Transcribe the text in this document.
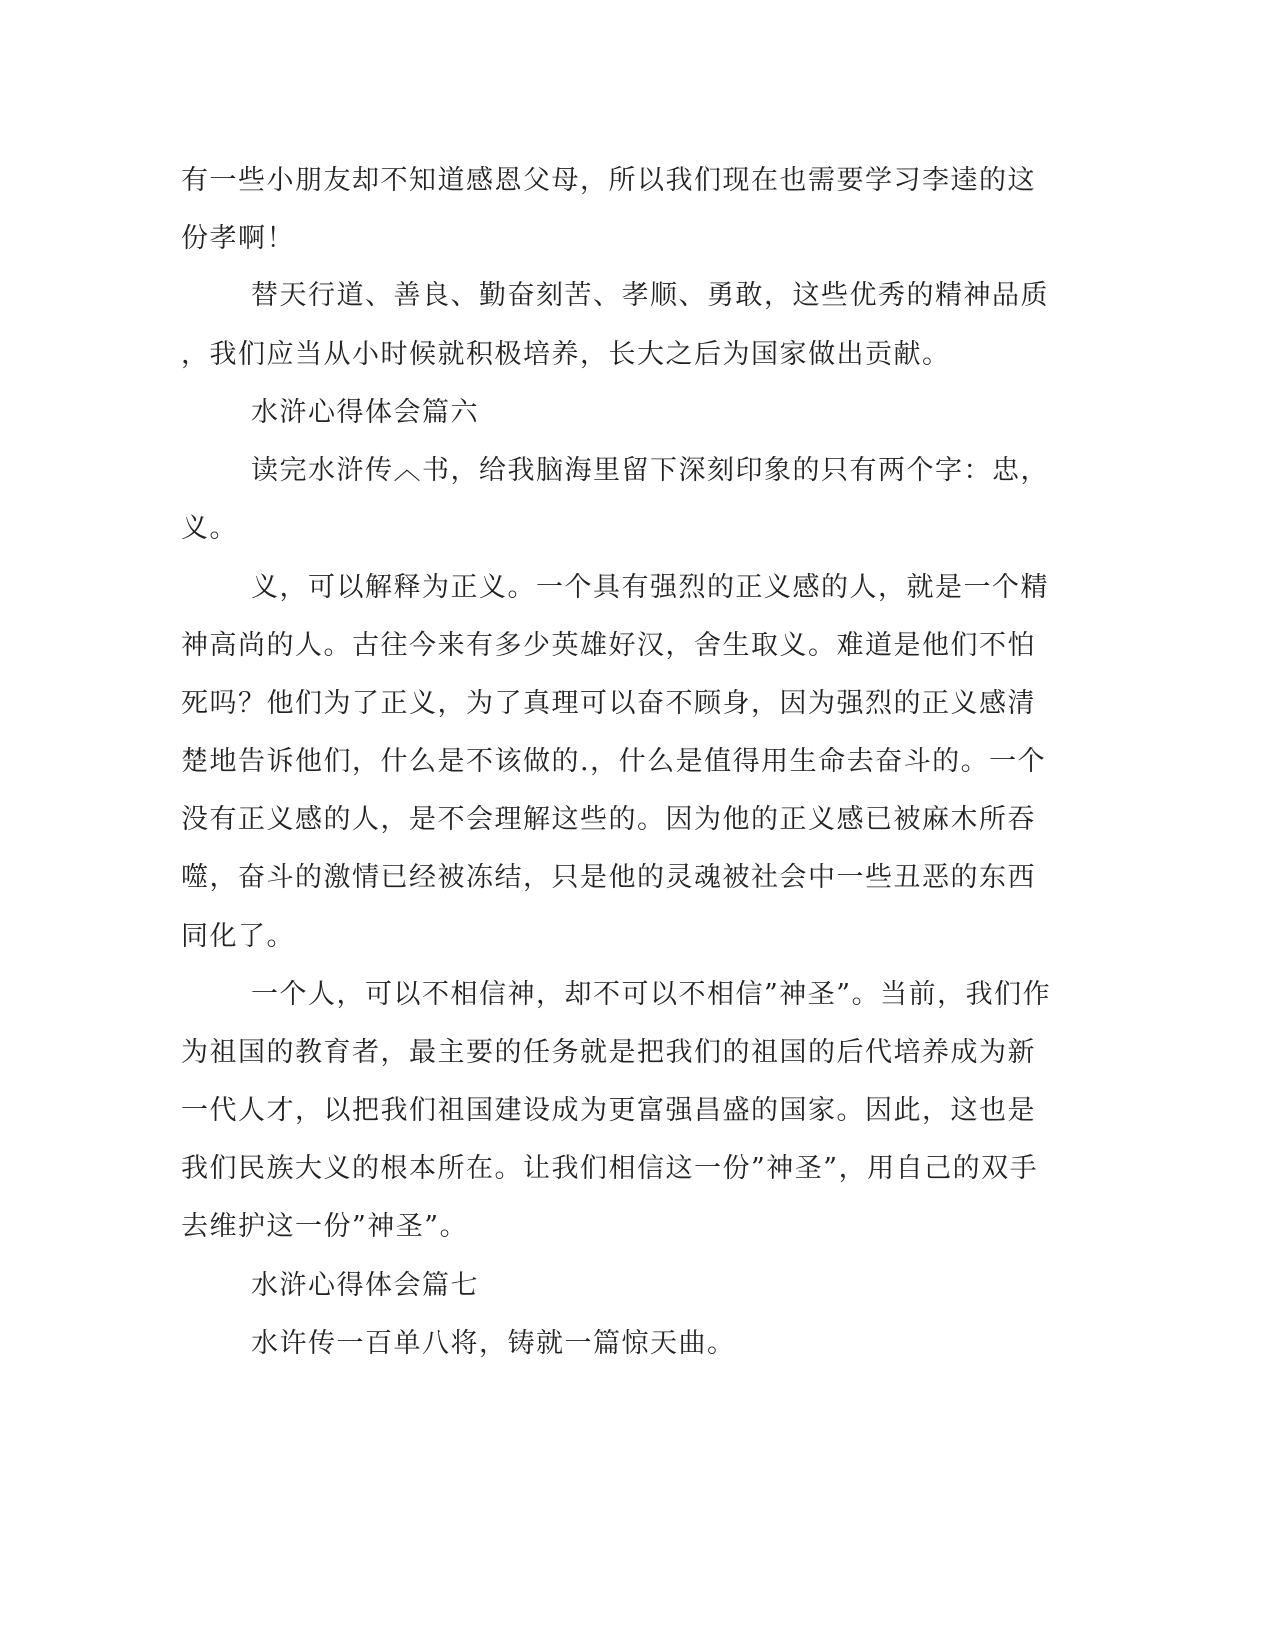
有一些小朋友却不知道感恩父母，所以我们现在也需要学习李逵的这

份孝啊！

替天行道、善良、勤奋刻苦、孝顺、勇敢，这些优秀的精神品质

，我们应当从小时候就积极培养，长大之后为国家做出贡献。

水浒心得体会篇六

读完水浒传︿书，给我脑海里留下深刻印象的只有两个字：忠，

义。

义，可以解释为正义。一个具有强烈的正义感的人，就是一个精

神高尚的人。古往今来有多少英雄好汉，舍生取义。难道是他们不怕

死吗？他们为了正义，为了真理可以奋不顾身，因为强烈的正义感清

楚地告诉他们，什么是不该做的.，什么是值得用生命去奋斗的。一个

没有正义感的人，是不会理解这些的。因为他的正义感已被麻木所吞

噬，奋斗的激情已经被冻结，只是他的灵魂被社会中一些丑恶的东西

同化了。

一个人，可以不相信神，却不可以不相信”神圣”。当前，我们作

为祖国的教育者，最主要的任务就是把我们的祖国的后代培养成为新

一代人才，以把我们祖国建设成为更富强昌盛的国家。因此，这也是

我们民族大义的根本所在。让我们相信这一份”神圣”，用自己的双手

去维护这一份”神圣”。

水浒心得体会篇七

水许传一百单八将，铸就一篇惊天曲。
